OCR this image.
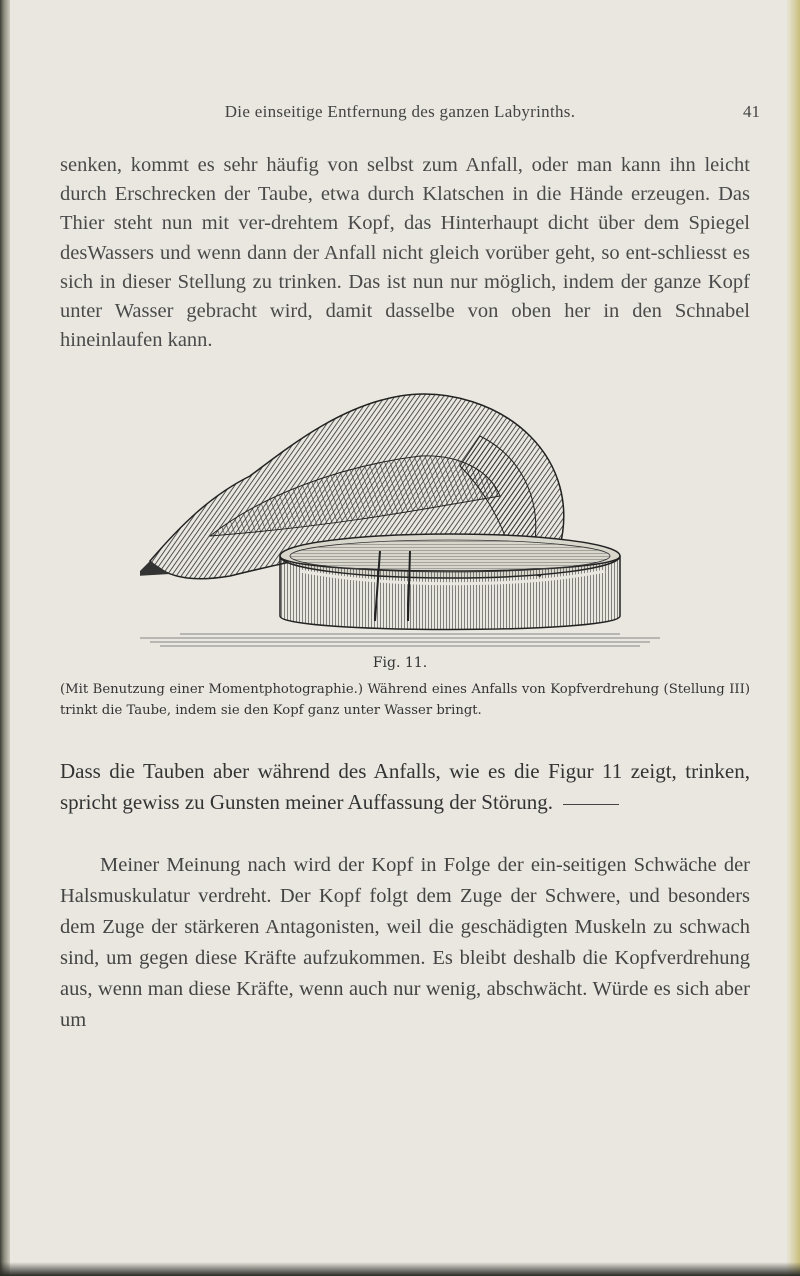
Die einseitige Entfernung des ganzen Labyrinths.	41
senken, kommt es sehr häufig von selbst zum Anfall, oder man kann ihn leicht durch Erschrecken der Taube, etwa durch Klatschen in die Hände erzeugen. Das Thier steht nun mit ver-drehtem Kopf, das Hinterhaupt dicht über dem Spiegel desWassers und wenn dann der Anfall nicht gleich vorüber geht, so ent-schliesst es sich in dieser Stellung zu trinken. Das ist nun nur möglich, indem der ganze Kopf unter Wasser gebracht wird, damit dasselbe von oben her in den Schnabel hineinlaufen kann.
Fig. 11.
(Mit Benutzung einer Momentphotographie.) Während eines Anfalls von Kopfverdrehung (Stellung III) trinkt die Taube, indem sie den Kopf ganz unter Wasser bringt.
Dass die Tauben aber während des Anfalls, wie es die Figur 11 zeigt, trinken, spricht gewiss zu Gunsten meiner Auffassung der Störung.
Meiner Meinung nach wird der Kopf in Folge der ein-seitigen Schwäche der Halsmuskulatur verdreht. Der Kopf folgt dem Zuge der Schwere, und besonders dem Zuge der stärkeren Antagonisten, weil die geschädigten Muskeln zu schwach sind, um gegen diese Kräfte aufzukommen. Es bleibt deshalb die Kopfverdrehung aus, wenn man diese Kräfte, wenn auch nur wenig, abschwächt. Würde es sich aber um
